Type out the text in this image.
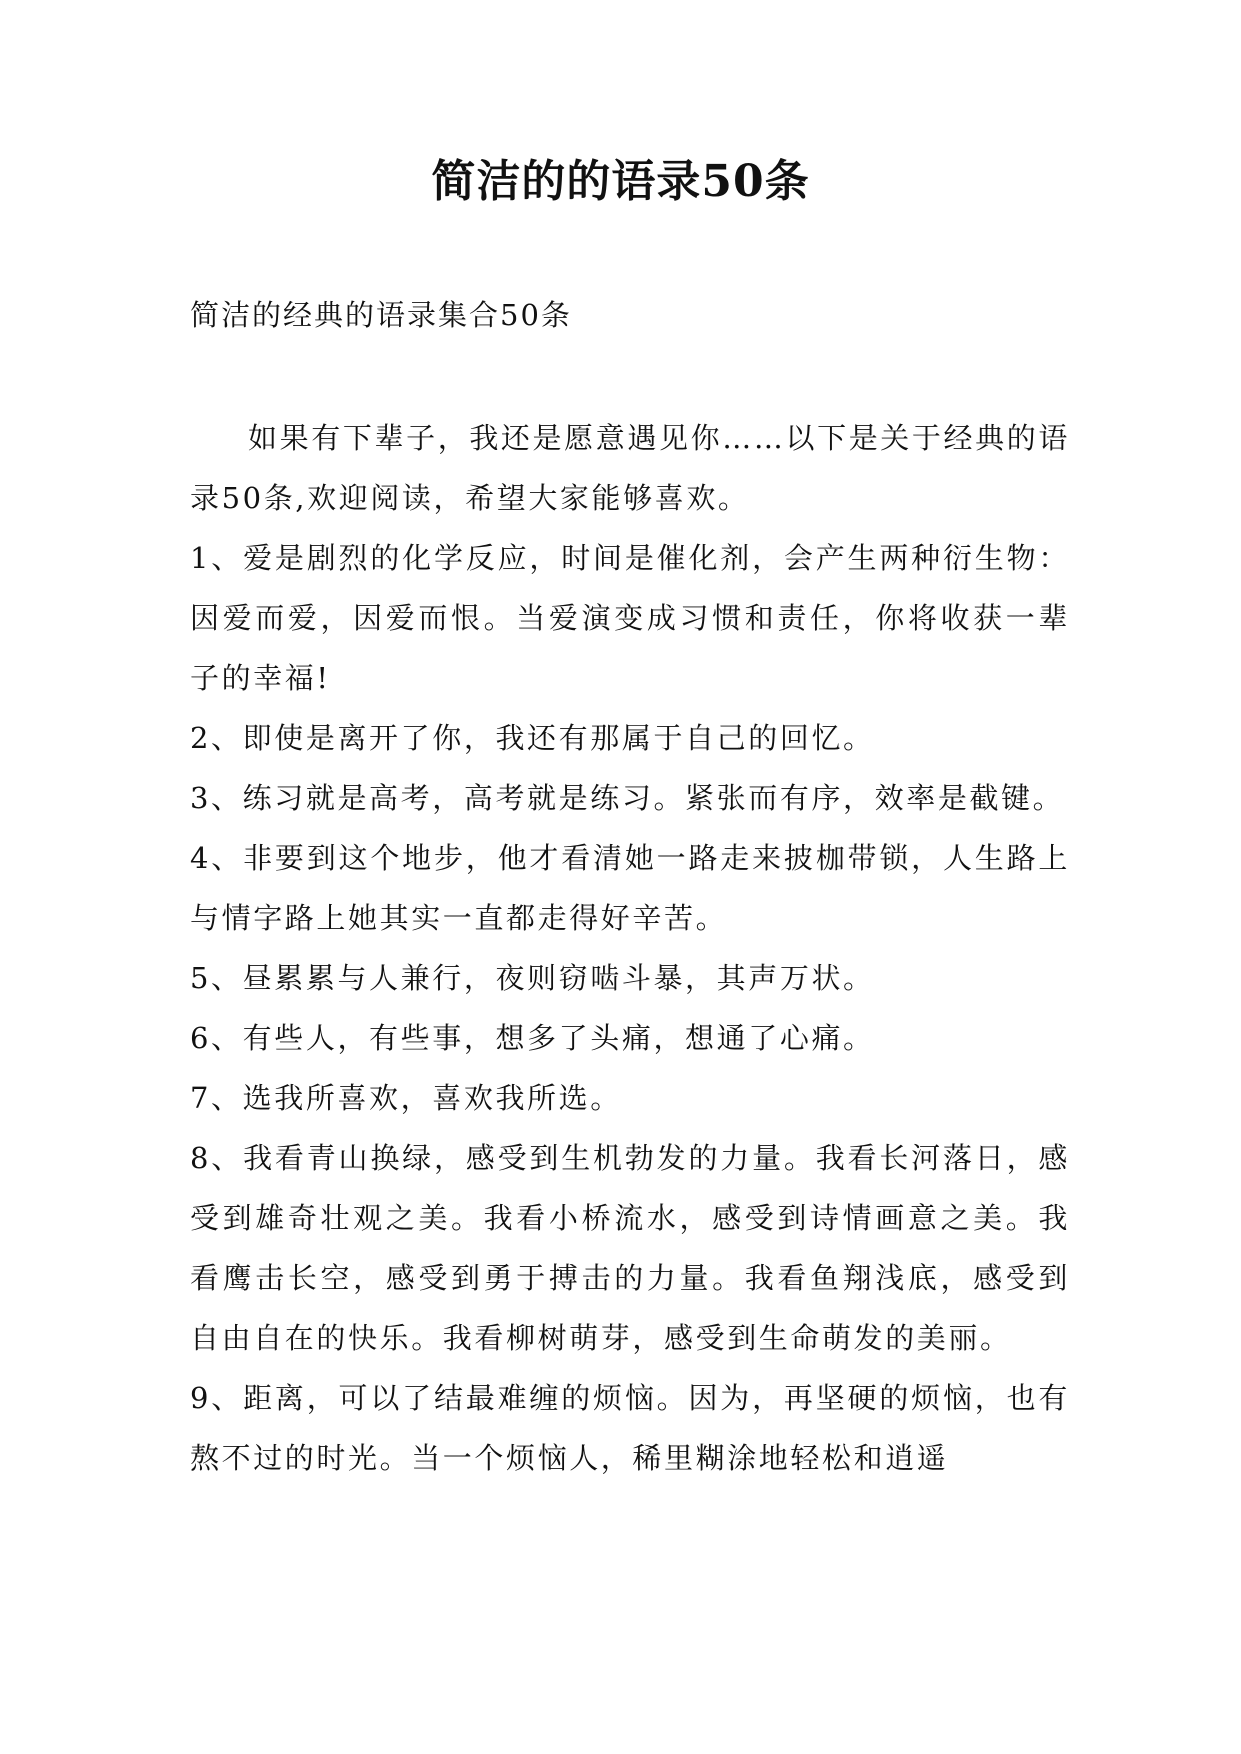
简洁的的语录50条
简洁的经典的语录集合50条

如果有下辈子，我还是愿意遇见你……以下是关于经典的语录50条,欢迎阅读，希望大家能够喜欢。

1、爱是剧烈的化学反应，时间是催化剂，会产生两种衍生物：因爱而爱，因爱而恨。当爱演变成习惯和责任，你将收获一辈子的幸福!

2、即使是离开了你，我还有那属于自己的回忆。

3、练习就是高考，高考就是练习。紧张而有序，效率是截键。

4、非要到这个地步，他才看清她一路走来披枷带锁，人生路上与情字路上她其实一直都走得好辛苦。

5、昼累累与人兼行，夜则窃啮斗暴，其声万状。

6、有些人，有些事，想多了头痛，想通了心痛。

7、选我所喜欢，喜欢我所选。

8、我看青山换绿，感受到生机勃发的力量。我看长河落日，感受到雄奇壮观之美。我看小桥流水，感受到诗情画意之美。我看鹰击长空，感受到勇于搏击的力量。我看鱼翔浅底，感受到自由自在的快乐。我看柳树萌芽，感受到生命萌发的美丽。

9、距离，可以了结最难缠的烦恼。因为，再坚硬的烦恼，也有熬不过的时光。当一个烦恼人，稀里糊涂地轻松和逍遥
